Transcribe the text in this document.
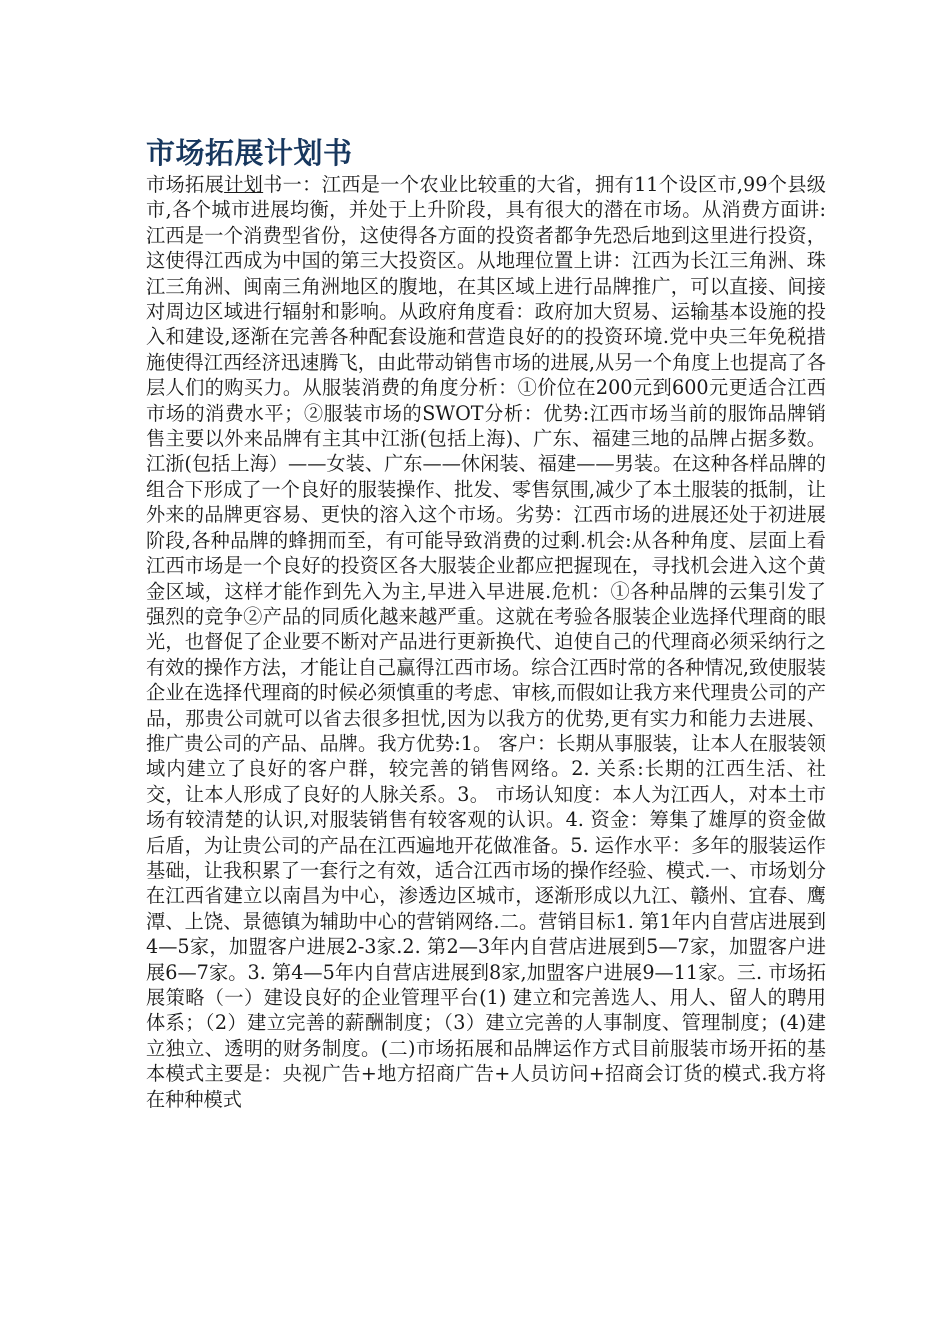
市场拓展计划书

市场拓展计划书一：江西是一个农业比较重的大省，拥有11个设区市,99个县级市,各个城市进展均衡，并处于上升阶段，具有很大的潜在市场。从消费方面讲:江西是一个消费型省份，这使得各方面的投资者都争先恐后地到这里进行投资，这使得江西成为中国的第三大投资区。从地理位置上讲：江西为长江三角洲、珠江三角洲、闽南三角洲地区的腹地，在其区域上进行品牌推广，可以直接、间接对周边区域进行辐射和影响。从政府角度看：政府加大贸易、运输基本设施的投入和建设,逐渐在完善各种配套设施和营造良好的的投资环境.党中央三年免税措施使得江西经济迅速腾飞，由此带动销售市场的进展,从另一个角度上也提高了各层人们的购买力。从服装消费的角度分析：①价位在200元到600元更适合江西市场的消费水平；②服装市场的SWOT分析：优势:江西市场当前的服饰品牌销售主要以外来品牌有主其中江浙(包括上海)、广东、福建三地的品牌占据多数。江浙(包括上海）——女装、广东——休闲装、福建——男装。在这种各样品牌的组合下形成了一个良好的服装操作、批发、零售氛围,减少了本土服装的抵制，让外来的品牌更容易、更快的溶入这个市场。劣势：江西市场的进展还处于初进展阶段,各种品牌的蜂拥而至，有可能导致消费的过剩.机会:从各种角度、层面上看江西市场是一个良好的投资区各大服装企业都应把握现在，寻找机会进入这个黄金区域，这样才能作到先入为主,早进入早进展.危机：①各种品牌的云集引发了强烈的竞争②产品的同质化越来越严重。这就在考验各服装企业选择代理商的眼光，也督促了企业要不断对产品进行更新换代、迫使自己的代理商必须采纳行之有效的操作方法，才能让自己赢得江西市场。综合江西时常的各种情况,致使服装企业在选择代理商的时候必须慎重的考虑、审核,而假如让我方来代理贵公司的产品，那贵公司就可以省去很多担忧,因为以我方的优势,更有实力和能力去进展、推广贵公司的产品、品牌。我方优势:1。 客户：长期从事服装，让本人在服装领域内建立了良好的客户群，较完善的销售网络。2. 关系:长期的江西生活、社交，让本人形成了良好的人脉关系。3。 市场认知度：本人为江西人，对本土市场有较清楚的认识,对服装销售有较客观的认识。4. 资金：筹集了雄厚的资金做后盾，为让贵公司的产品在江西遍地开花做准备。5. 运作水平：多年的服装运作基础，让我积累了一套行之有效，适合江西市场的操作经验、模式.一、市场划分在江西省建立以南昌为中心，渗透边区城市，逐渐形成以九江、赣州、宜春、鹰潭、上饶、景德镇为辅助中心的营销网络.二。营销目标1. 第1年内自营店进展到4—5家，加盟客户进展2-3家.2. 第2—3年内自营店进展到5—7家，加盟客户进展6—7家。3. 第4—5年内自营店进展到8家,加盟客户进展9—11家。三. 市场拓展策略（一）建设良好的企业管理平台(1) 建立和完善选人、用人、留人的聘用体系；（2）建立完善的薪酬制度；（3）建立完善的人事制度、管理制度；(4)建立独立、透明的财务制度。(二)市场拓展和品牌运作方式目前服装市场开拓的基本模式主要是：央视广告+地方招商广告+人员访问+招商会订货的模式.我方将在种种模式
